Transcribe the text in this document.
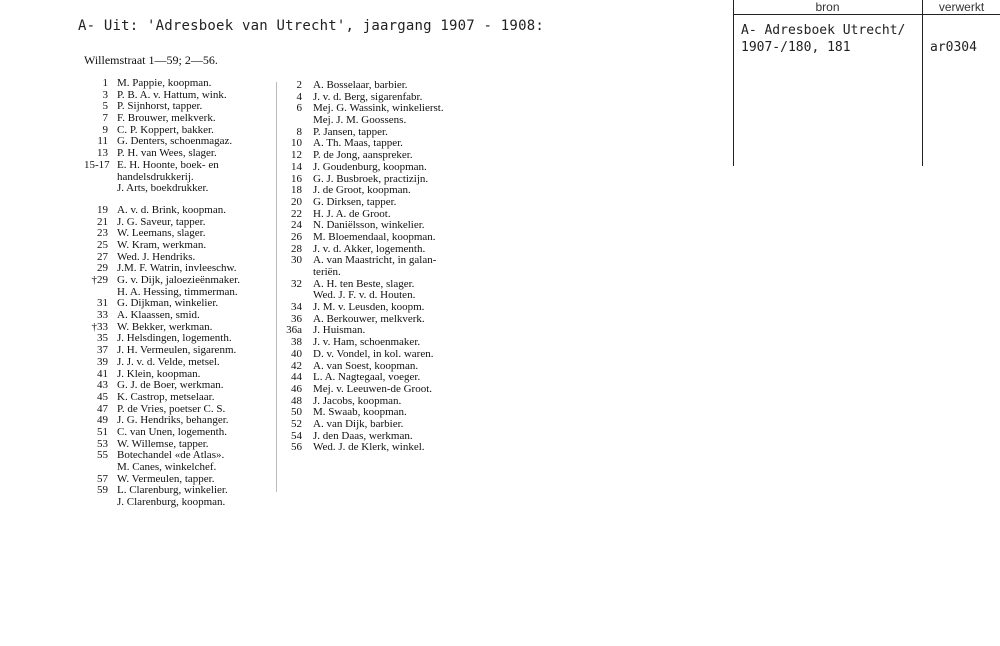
A- Uit: 'Adresboek van Utrecht', jaargang 1907 - 1908:
Willemstraat 1—59; 2—56.
1 M. Pappie, koopman.
3 P. B. A. v. Hattum, wink.
5 P. Sijnhorst, tapper.
7 F. Brouwer, melkverk.
9 C. P. Koppert, bakker.
11 G. Denters, schoenmagaz.
13 P. H. van Wees, slager.
15-17 E. H. Hoonte, boek- en
handelsdrukkerij.
J. Arts, boekdrukker.
19 A. v. d. Brink, koopman.
21 J. G. Saveur, tapper.
23 W. Leemans, slager.
25 W. Kram, werkman.
27 Wed. J. Hendriks.
29 J.M. F. Watrin, invleeschw.
†29 G. v. Dijk, jaloezieënmaker.
H. A. Hessing, timmerman.
31 G. Dijkman, winkelier.
33 A. Klaassen, smid.
†33 W. Bekker, werkman.
35 J. Helsdingen, logementh.
37 J. H. Vermeulen, sigarenm.
39 J. J. v. d. Velde, metsel.
41 J. Klein, koopman.
43 G. J. de Boer, werkman.
45 K. Castrop, metselaar.
47 P. de Vries, poetser C. S.
49 J. G. Hendriks, behanger.
51 C. van Unen, logementh.
53 W. Willemse, tapper.
55 Botechandel «de Atlas».
M. Canes, winkelchef.
57 W. Vermeulen, tapper.
59 L. Clarenburg, winkelier.
J. Clarenburg, koopman.
2	A. Bosselaar, barbier.
4	J. v. d. Berg, sigarenfabr.
6	Mej. G. Wassink, winkelierst.
Mej. J. M. Goossens.
8	P. Jansen, tapper.
10	A. Th. Maas, tapper.
12	P. de Jong, aanspreker.
14	J. Goudenburg, koopman.
16	G. J. Busbroek, practizijn.
18	J. de Groot, koopman.
20	G. Dirksen, tapper.
22	H. J. A. de Groot.
24	N. Daniëlsson, winkelier.
26	M. Bloemendaal, koopman.
28	J. v. d. Akker, logementh.
30	A. van Maastricht, in galan-
teriën.
32	A. H. ten Beste, slager.
Wed. J. F. v. d. Houten.
34	J. M. v. Leusden, koopm.
36	A. Berkouwer, melkverk.
36a	J. Huisman.
38	J. v. Ham, schoenmaker.
40	D. v. Vondel, in kol. waren.
42	A. van Soest, koopman.
44	L. A. Nagtegaal, voeger.
46	Mej. v. Leeuwen-de Groot.
48	J. Jacobs, koopman.
50	M. Swaab, koopman.
52	A. van Dijk, barbier.
54	J. den Daas, werkman.
56	Wed. J. de Klerk, winkel.
bron	verwerkt
A- Adresboek Utrecht/
1907-/180, 181	ar0304
